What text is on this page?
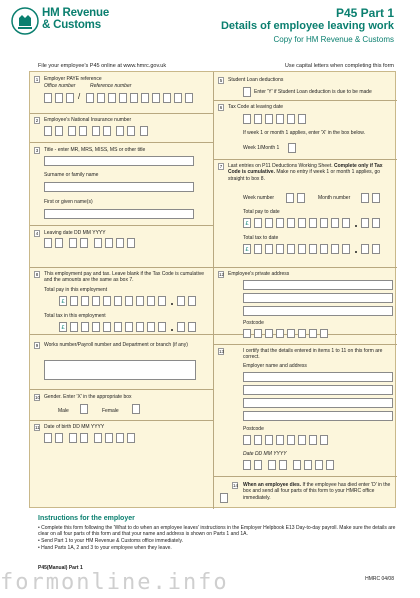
HM Revenue
& Customs
P45 Part 1
Details of employee leaving work
Copy for HM Revenue & Customs
File your employee's P45 online at www.hmrc.gov.uk	Use capital letters when completing this form
1	Employer PAYE reference
Office number	Reference number
/
2	Employee's National Insurance number
3	Title - enter MR, MRS, MISS, MS or other title
Surname or family name
First or given name(s)
4	Leaving date DD MM YYYY
5	Student Loan deductions
Enter 'Y' if Student Loan deduction is due to be made
6	Tax Code at leaving date
If week 1 or month 1 applies, enter 'X' in the box below.
Week 1/Month 1
7	Last entries on P11 Deductions Working Sheet. Complete only if Tax Code is cumulative. Make no entry if week 1 or month 1 applies, go straight to box 8.
Week number	Month number
Total pay to date
£
Total tax to date
£
8	This employment pay and tax. Leave blank if the Tax Code is cumulative and the amounts are the same as box 7.
Total pay in this employment
£
Total tax in this employment
£
9	Works number/Payroll number and Department or branch (if any)
10 Gender. Enter 'X' in the appropriate box
Male	Female
11 Date of birth DD MM YYYY
12 Employee's private address
Postcode
13	I certify that the details entered in items 1 to 11 on this form are correct.
Employer name and address
Postcode
Date DD MM YYYY
14 When an employee dies. If the employee has died enter 'D' in the box and send all four parts of this form to your HMRC office immediately.
Instructions for the employer
• Complete this form following the 'What to do when an employee leaves' instructions in the Employer Helpbook E13 Day-to-day payroll. Make sure the details are clear on all four parts of this form and that your name and address is shown on Parts 1 and 1A.
• Send Part 1 to your HM Revenue & Customs office immediately.
• Hand Parts 1A, 2 and 3 to your employee when they leave.
P45(Manual) Part 1
HMRC 04/08
formonline.info
